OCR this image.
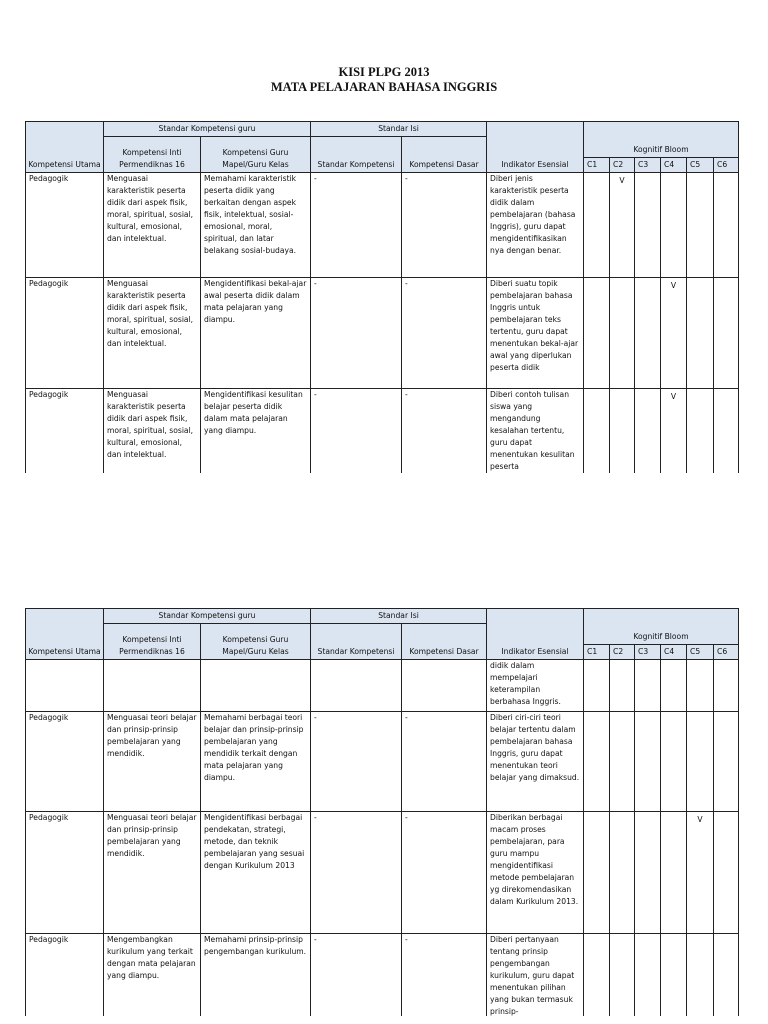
KISI PLPG 2013
MATA PELAJARAN BAHASA INGGRIS
Kompetensi Utama	Standar Kompetensi guru		Standar Isi		Indikator Esensial	Kognitif Bloom					
	Kompetensi Inti Permendiknas 16	Kompetensi Guru Mapel/Guru Kelas	Standar Kompetensi	Kompetensi Dasar							
						C1	C2	C3	C4	C5	C6
Pedagogik	Menguasai karakteristik peserta didik dari aspek fisik, moral, spiritual, sosial, kultural, emosional, dan intelektual.	Memahami karakteristik peserta didik yang berkaitan dengan aspek fisik, intelektual, sosial-emosional, moral, spiritual, dan latar belakang sosial-budaya.	-	-	Diberi jenis karakteristik peserta didik dalam pembelajaran (bahasa Inggris), guru dapat mengidentifikasikan nya dengan benar.		V				
Pedagogik	Menguasai karakteristik peserta didik dari aspek fisik, moral, spiritual, sosial, kultural, emosional, dan intelektual.	Mengidentifikasi bekal-ajar awal peserta didik dalam mata pelajaran yang diampu.	-	-	Diberi suatu topik pembelajaran bahasa Inggris untuk pembelajaran teks tertentu, guru dapat menentukan bekal-ajar awal yang diperlukan peserta didik				V		
Pedagogik	Menguasai karakteristik peserta didik dari aspek fisik, moral, spiritual, sosial, kultural, emosional, dan intelektual.	Mengidentifikasi kesulitan belajar peserta didik dalam mata pelajaran yang diampu.	-	-	Diberi contoh tulisan siswa yang mengandung kesalahan tertentu, guru dapat menentukan kesulitan peserta				V		
Kompetensi Utama	Standar Kompetensi guru		Standar Isi		Indikator Esensial	Kognitif Bloom					
	Kompetensi Inti Permendiknas 16	Kompetensi Guru Mapel/Guru Kelas	Standar Kompetensi	Kompetensi Dasar							
						C1	C2	C3	C4	C5	C6
					didik dalam mempelajari keterampilan berbahasa Inggris.						
Pedagogik	Menguasai teori belajar dan prinsip-prinsip pembelajaran yang mendidik.	Memahami berbagai teori belajar dan prinsip-prinsip pembelajaran yang mendidik terkait dengan mata pelajaran yang diampu.	-	-	Diberi ciri-ciri teori belajar tertentu dalam pembelajaran bahasa Inggris, guru dapat menentukan teori belajar yang dimaksud.						
Pedagogik	Menguasai teori belajar dan prinsip-prinsip pembelajaran yang mendidik.	Mengidentifikasi berbagai pendekatan, strategi, metode, dan teknik pembelajaran yang sesuai dengan Kurikulum 2013	-	-	Diberikan berbagai macam proses pembelajaran, para guru mampu mengidentifikasi metode pembelajaran yg direkomendasikan dalam Kurikulum 2013.					V	
Pedagogik	Mengembangkan kurikulum yang terkait dengan mata pelajaran yang diampu.	Memahami prinsip-prinsip pengembangan kurikulum.	-	-	Diberi pertanyaan tentang prinsip pengembangan kurikulum, guru dapat menentukan pilihan yang bukan termasuk prinsip-						
